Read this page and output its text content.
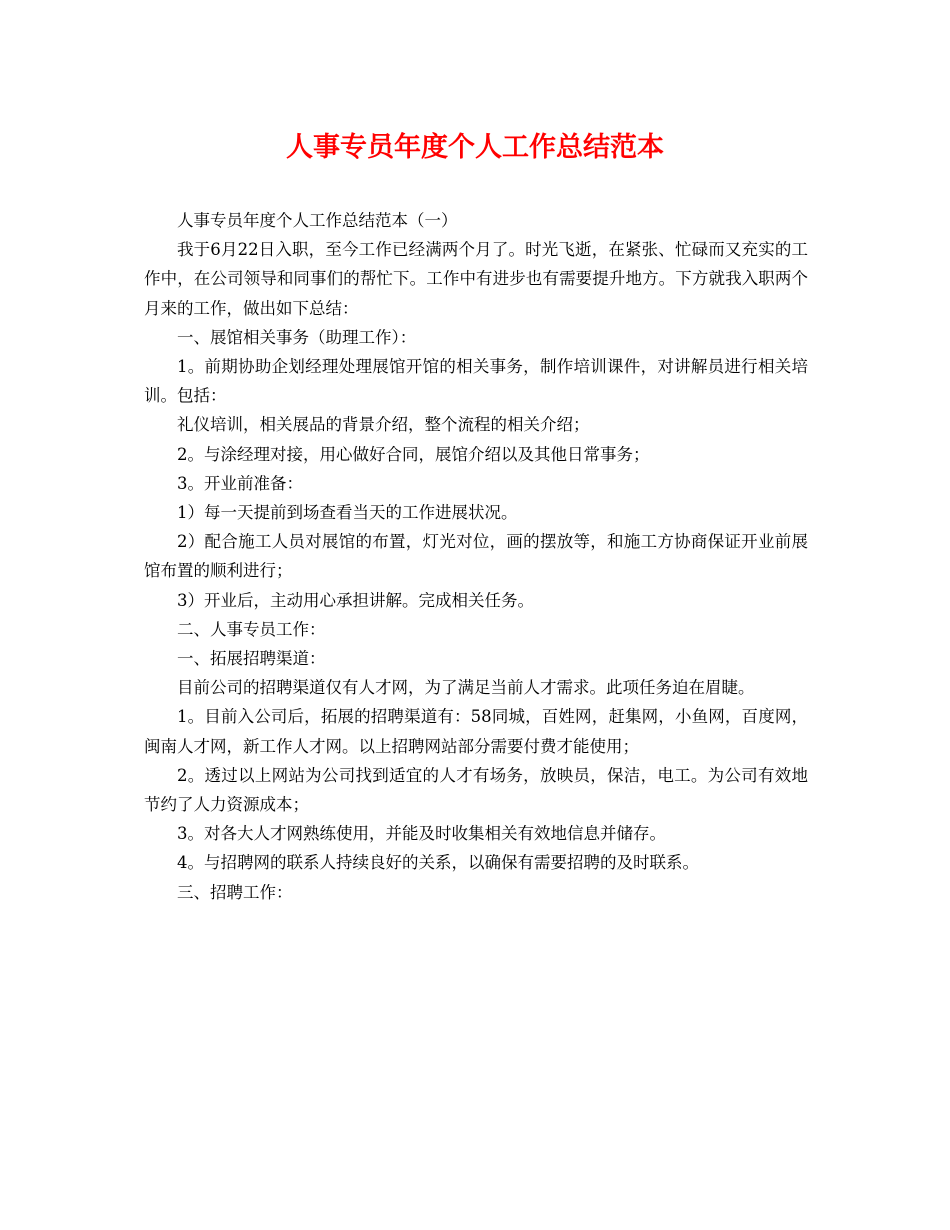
人事专员年度个人工作总结范本

人事专员年度个人工作总结范本（一）

我于6月22日入职，至今工作已经满两个月了。时光飞逝，在紧张、忙碌而又充实的工作中，在公司领导和同事们的帮忙下。工作中有进步也有需要提升地方。下方就我入职两个月来的工作，做出如下总结：

一、展馆相关事务（助理工作）：

1。前期协助企划经理处理展馆开馆的相关事务，制作培训课件，对讲解员进行相关培训。包括：

礼仪培训，相关展品的背景介绍，整个流程的相关介绍；

2。与涂经理对接，用心做好合同，展馆介绍以及其他日常事务；

3。开业前准备：

1）每一天提前到场查看当天的工作进展状况。

2）配合施工人员对展馆的布置，灯光对位，画的摆放等，和施工方协商保证开业前展馆布置的顺利进行；

3）开业后，主动用心承担讲解。完成相关任务。

二、人事专员工作：

一、拓展招聘渠道：

目前公司的招聘渠道仅有人才网，为了满足当前人才需求。此项任务迫在眉睫。

1。目前入公司后，拓展的招聘渠道有：58同城，百姓网，赶集网，小鱼网，百度网，闽南人才网，新工作人才网。以上招聘网站部分需要付费才能使用；

2。透过以上网站为公司找到适宜的人才有场务，放映员，保洁，电工。为公司有效地节约了人力资源成本；

3。对各大人才网熟练使用，并能及时收集相关有效地信息并储存。

4。与招聘网的联系人持续良好的关系，以确保有需要招聘的及时联系。

三、招聘工作：
